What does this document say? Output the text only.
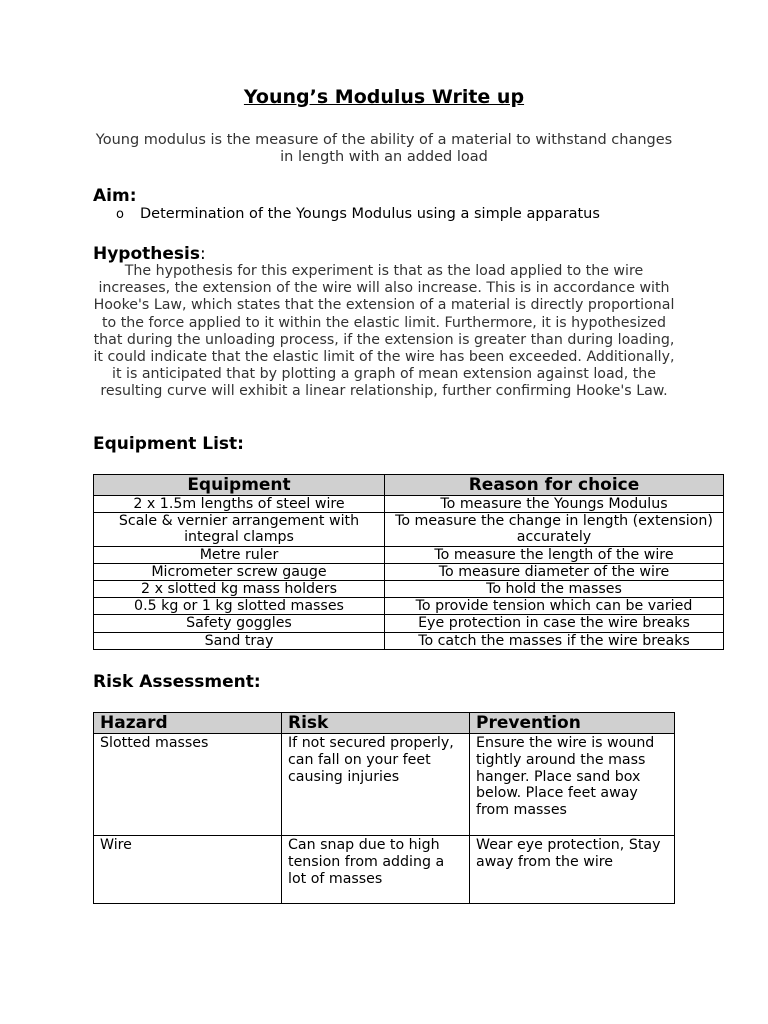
Young’s Modulus Write up
Young modulus is the measure of the ability of a material to withstand changes in length with an added load
Aim:
o Determination of the Youngs Modulus using a simple apparatus
Hypothesis:
The hypothesis for this experiment is that as the load applied to the wire increases, the extension of the wire will also increase. This is in accordance with Hooke's Law, which states that the extension of a material is directly proportional to the force applied to it within the elastic limit. Furthermore, it is hypothesized that during the unloading process, if the extension is greater than during loading, it could indicate that the elastic limit of the wire has been exceeded. Additionally, it is anticipated that by plotting a graph of mean extension against load, the resulting curve will exhibit a linear relationship, further confirming Hooke's Law.
Equipment List:
Equipment	Reason for choice
2 x 1.5m lengths of steel wire	To measure the Youngs Modulus
Scale & vernier arrangement with integral clamps	To measure the change in length (extension) accurately
Metre ruler	To measure the length of the wire
Micrometer screw gauge	To measure diameter of the wire
2 x slotted kg mass holders	To hold the masses
0.5 kg or 1 kg slotted masses	To provide tension which can be varied
Safety goggles	Eye protection in case the wire breaks
Sand tray	To catch the masses if the wire breaks
Risk Assessment:
Hazard	Risk	Prevention
Slotted masses	If not secured properly, can fall on your feet causing injuries	Ensure the wire is wound tightly around the mass hanger. Place sand box below. Place feet away from masses
Wire	Can snap due to high tension from adding a lot of masses	Wear eye protection, Stay away from the wire
